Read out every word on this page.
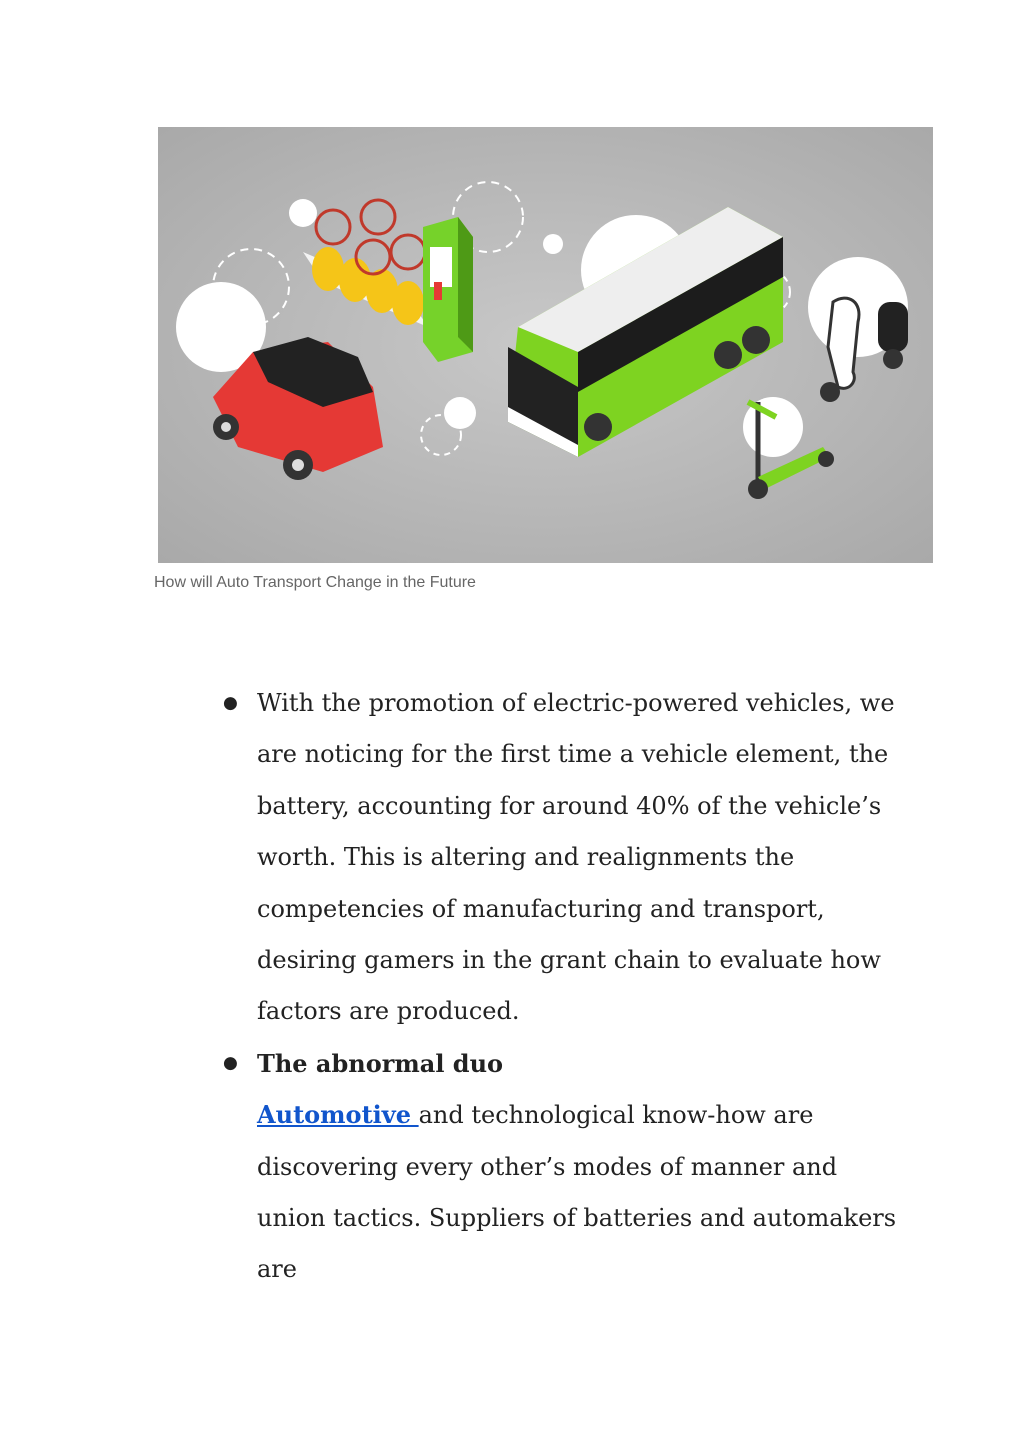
How will Auto Transport Change in the Future
● With the promotion of electric-powered vehicles, we are noticing for the first time a vehicle element, the battery, accounting for around 40% of the vehicle’s worth. This is altering and realignments the competencies of manufacturing and transport, desiring gamers in the grant chain to evaluate how factors are produced.

● The abnormal duo

Automotive and technological know-how are discovering every other’s modes of manner and union tactics. Suppliers of batteries and automakers are
